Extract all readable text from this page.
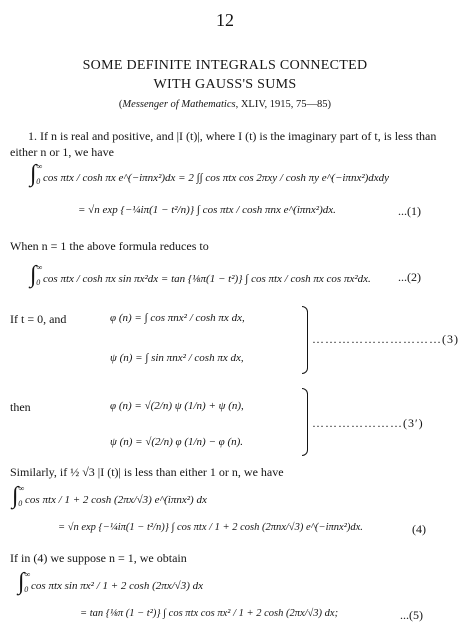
12
SOME DEFINITE INTEGRALS CONNECTED
WITH GAUSS'S SUMS
(Messenger of Mathematics, XLIV, 1915, 75—85)
1. If n is real and positive, and |I (t)|, where I (t) is the imaginary part of t, is less than either n or 1, we have
∫∞0 cos πtx / cosh πx e^(−iπnx²)dx = 2 ∫∫ cos πtx cos 2πxy / cosh πy e^(−iπnx²)dxdy
= √n exp {−¼iπ(1 − t²/n)} ∫ cos πtx / cosh πnx e^(iπnx²)dx.	...(1)
When n = 1 the above formula reduces to
∫∞0 cos πtx / cosh πx sin πx²dx = tan {⅛π(1 − t²)} ∫ cos πtx / cosh πx cos πx²dx. ...(2)
If t = 0, and	φ (n) = ∫ cos πnx² / cosh πx dx,
ψ (n) = ∫ sin πnx² / cosh πx dx,
…………………………(3)
then	φ (n) = √(2/n) ψ (1/n) + ψ (n),
ψ (n) = √(2/n) φ (1/n) − φ (n).
…………………(3′)
Similarly, if ½ √3 |I (t)| is less than either 1 or n, we have
∫∞0 cos πtx / 1 + 2 cosh (2πx/√3) e^(iπnx²) dx
= √n exp {−¼iπ(1 − t²/n)} ∫ cos πtx / 1 + 2 cosh (2πnx/√3) e^(−iπnx²)dx.	(4)
If in (4) we suppose n = 1, we obtain
∫∞0 cos πtx sin πx² / 1 + 2 cosh (2πx/√3) dx
= tan {⅛π (1 − t²)} ∫ cos πtx cos πx² / 1 + 2 cosh (2πx/√3) dx;	...(5)
